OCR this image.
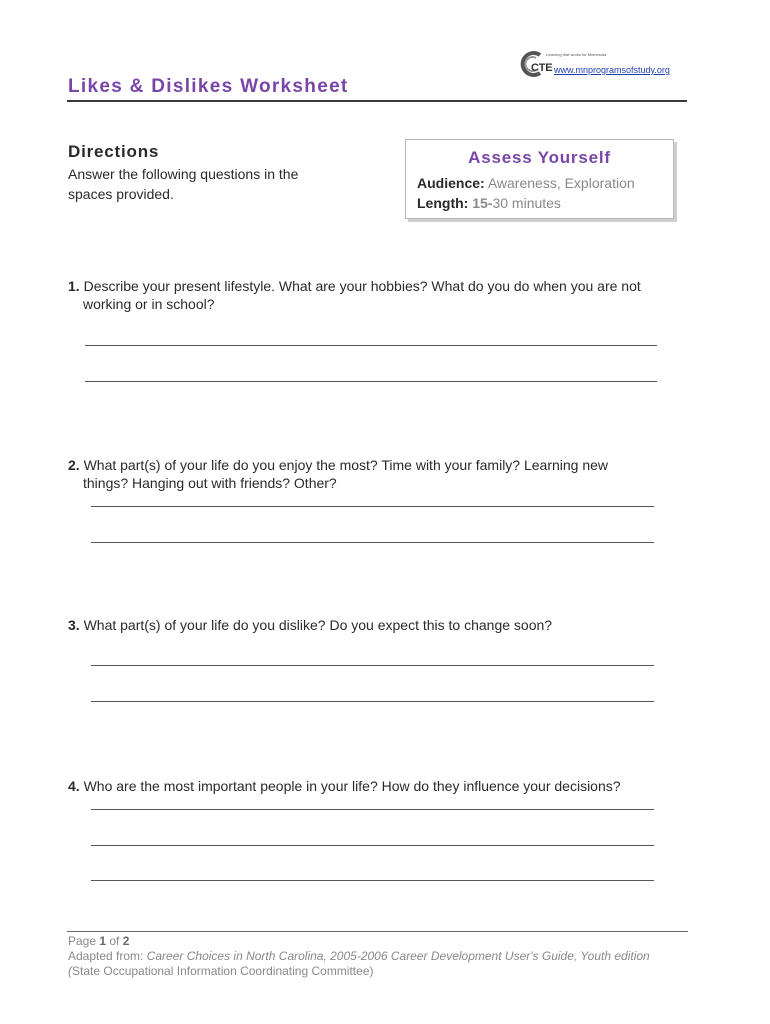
Learning that works for Minnesota
CTE www.mnprogramsofstudy.org
Likes & Dislikes Worksheet
Directions
Answer the following questions in the spaces provided.
Assess Yourself
Audience: Awareness, Exploration
Length: 15-30 minutes
1. Describe your present lifestyle. What are your hobbies? What do you do when you are not
working or in school?
2. What part(s) of your life do you enjoy the most? Time with your family? Learning new
things? Hanging out with friends? Other?
3. What part(s) of your life do you dislike? Do you expect this to change soon?
4. Who are the most important people in your life? How do they influence your decisions?
Page 1 of 2
Adapted from: Career Choices in North Carolina, 2005-2006 Career Development User's Guide, Youth edition
(State Occupational Information Coordinating Committee)
